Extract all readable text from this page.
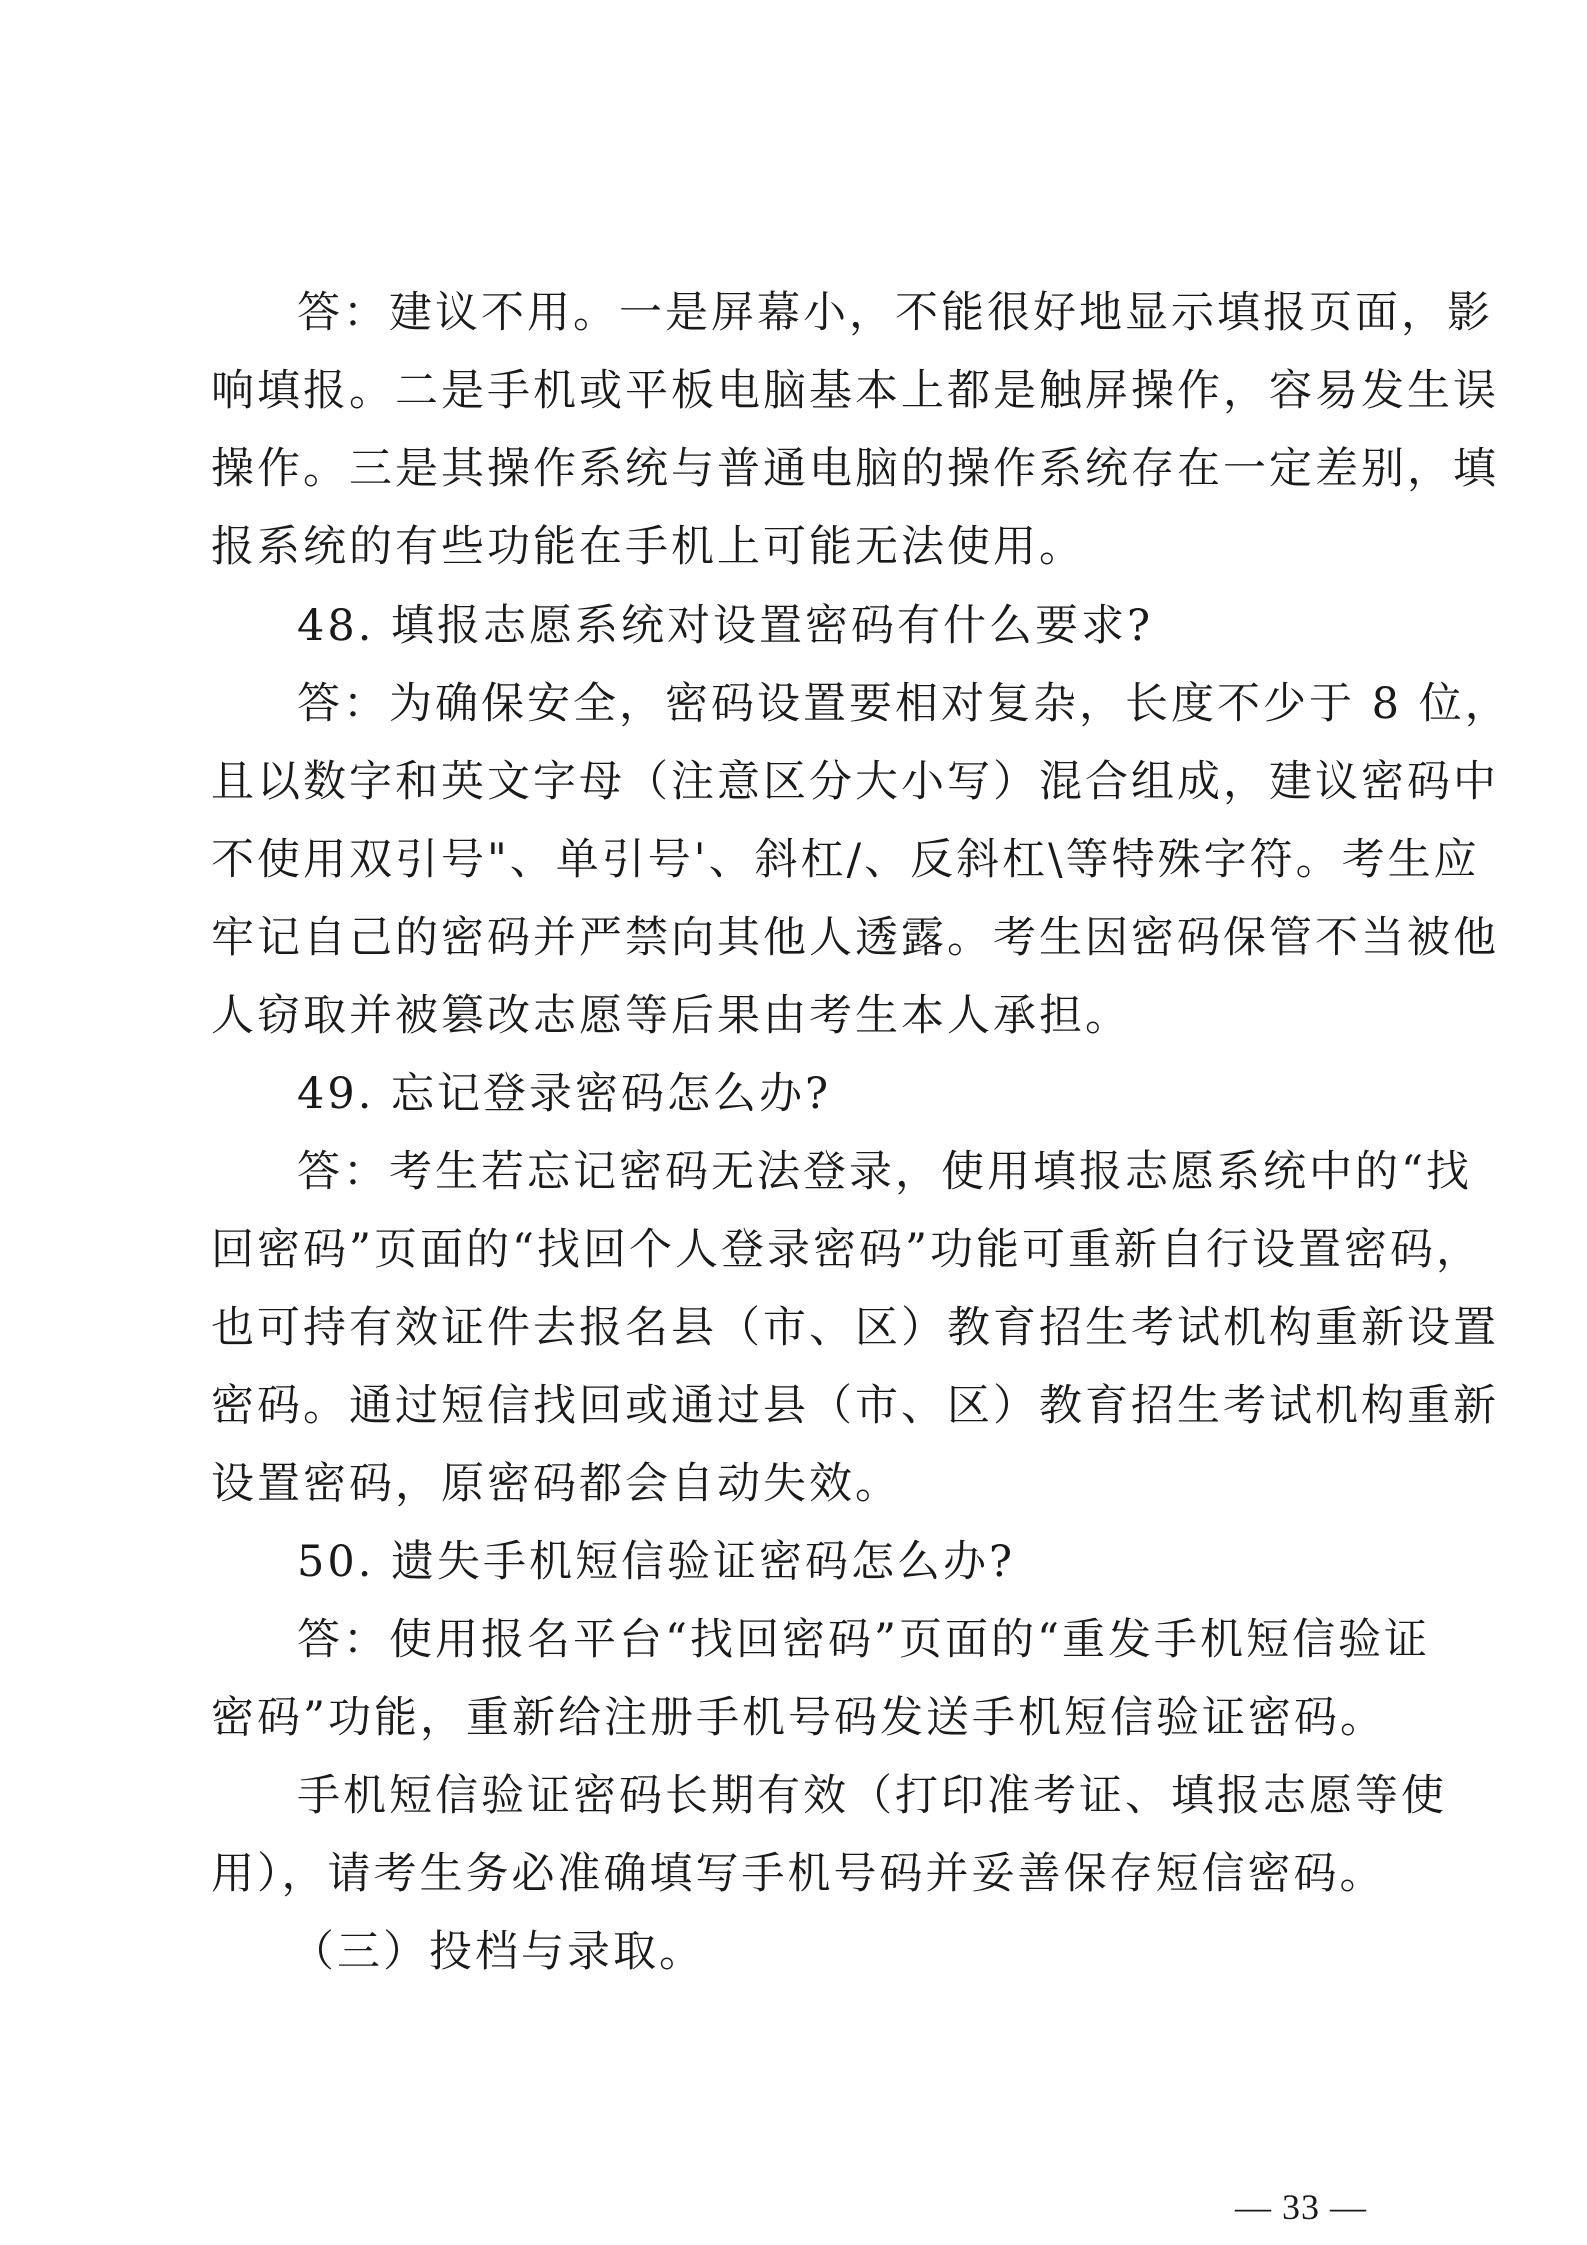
答：建议不用。一是屏幕小，不能很好地显示填报页面，影

响填报。二是手机或平板电脑基本上都是触屏操作，容易发生误

操作。三是其操作系统与普通电脑的操作系统存在一定差别，填

报系统的有些功能在手机上可能无法使用。

48. 填报志愿系统对设置密码有什么要求?

答：为确保安全，密码设置要相对复杂，长度不少于 8 位，

且以数字和英文字母（注意区分大小写）混合组成，建议密码中

不使用双引号"、单引号'、斜杠/、反斜杠\等特殊字符。考生应

牢记自己的密码并严禁向其他人透露。考生因密码保管不当被他

人窃取并被篡改志愿等后果由考生本人承担。

49. 忘记登录密码怎么办?

答：考生若忘记密码无法登录，使用填报志愿系统中的“找

回密码”页面的“找回个人登录密码”功能可重新自行设置密码，

也可持有效证件去报名县（市、区）教育招生考试机构重新设置

密码。通过短信找回或通过县（市、区）教育招生考试机构重新

设置密码，原密码都会自动失效。

50. 遗失手机短信验证密码怎么办?

答：使用报名平台“找回密码”页面的“重发手机短信验证

密码”功能，重新给注册手机号码发送手机短信验证密码。

手机短信验证密码长期有效（打印准考证、填报志愿等使

用），请考生务必准确填写手机号码并妥善保存短信密码。

（三）投档与录取。

— 33 —
